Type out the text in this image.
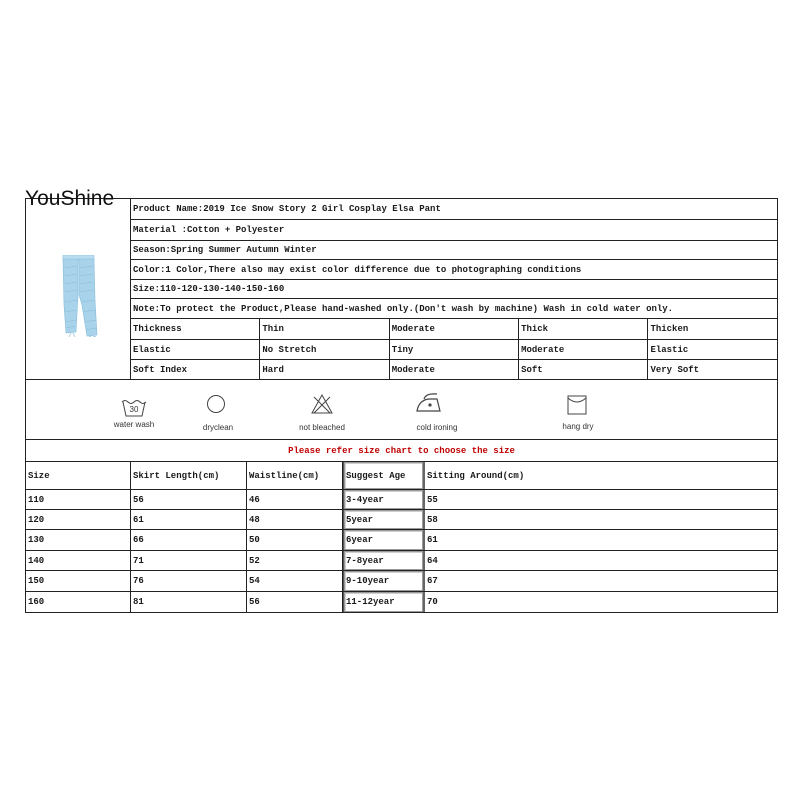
YouShine Product Name:2019 Ice Snow Story 2 Girl Cosplay Elsa Pant
Material :Cotton + Polyester
Season:Spring Summer Autumn Winter
Color:1 Color,There also may exist color difference due to photographing conditions
Size:110-120-130-140-150-160
Note:To protect the Product,Please hand-washed only.(Don't wash by machine) Wash in cold water only.
Thickness	Thin	Moderate	Thick	Thicken
Elastic	No Stretch	Tiny	Moderate	Elastic
Soft Index	Hard	Moderate	Soft	Very Soft
30
water wash	dryclean	not bleached	cold ironing	hang dry
Please refer size chart to choose the size
Size	Skirt Length(cm)	Waistline(cm)	Suggest Age	Sitting Around(cm)
110	56	46	3-4year	55
120	61	48	5year	58
130	66	50	6year	61
140	71	52	7-8year	64
150	76	54	9-10year	67
160	81	56	11-12year	70
